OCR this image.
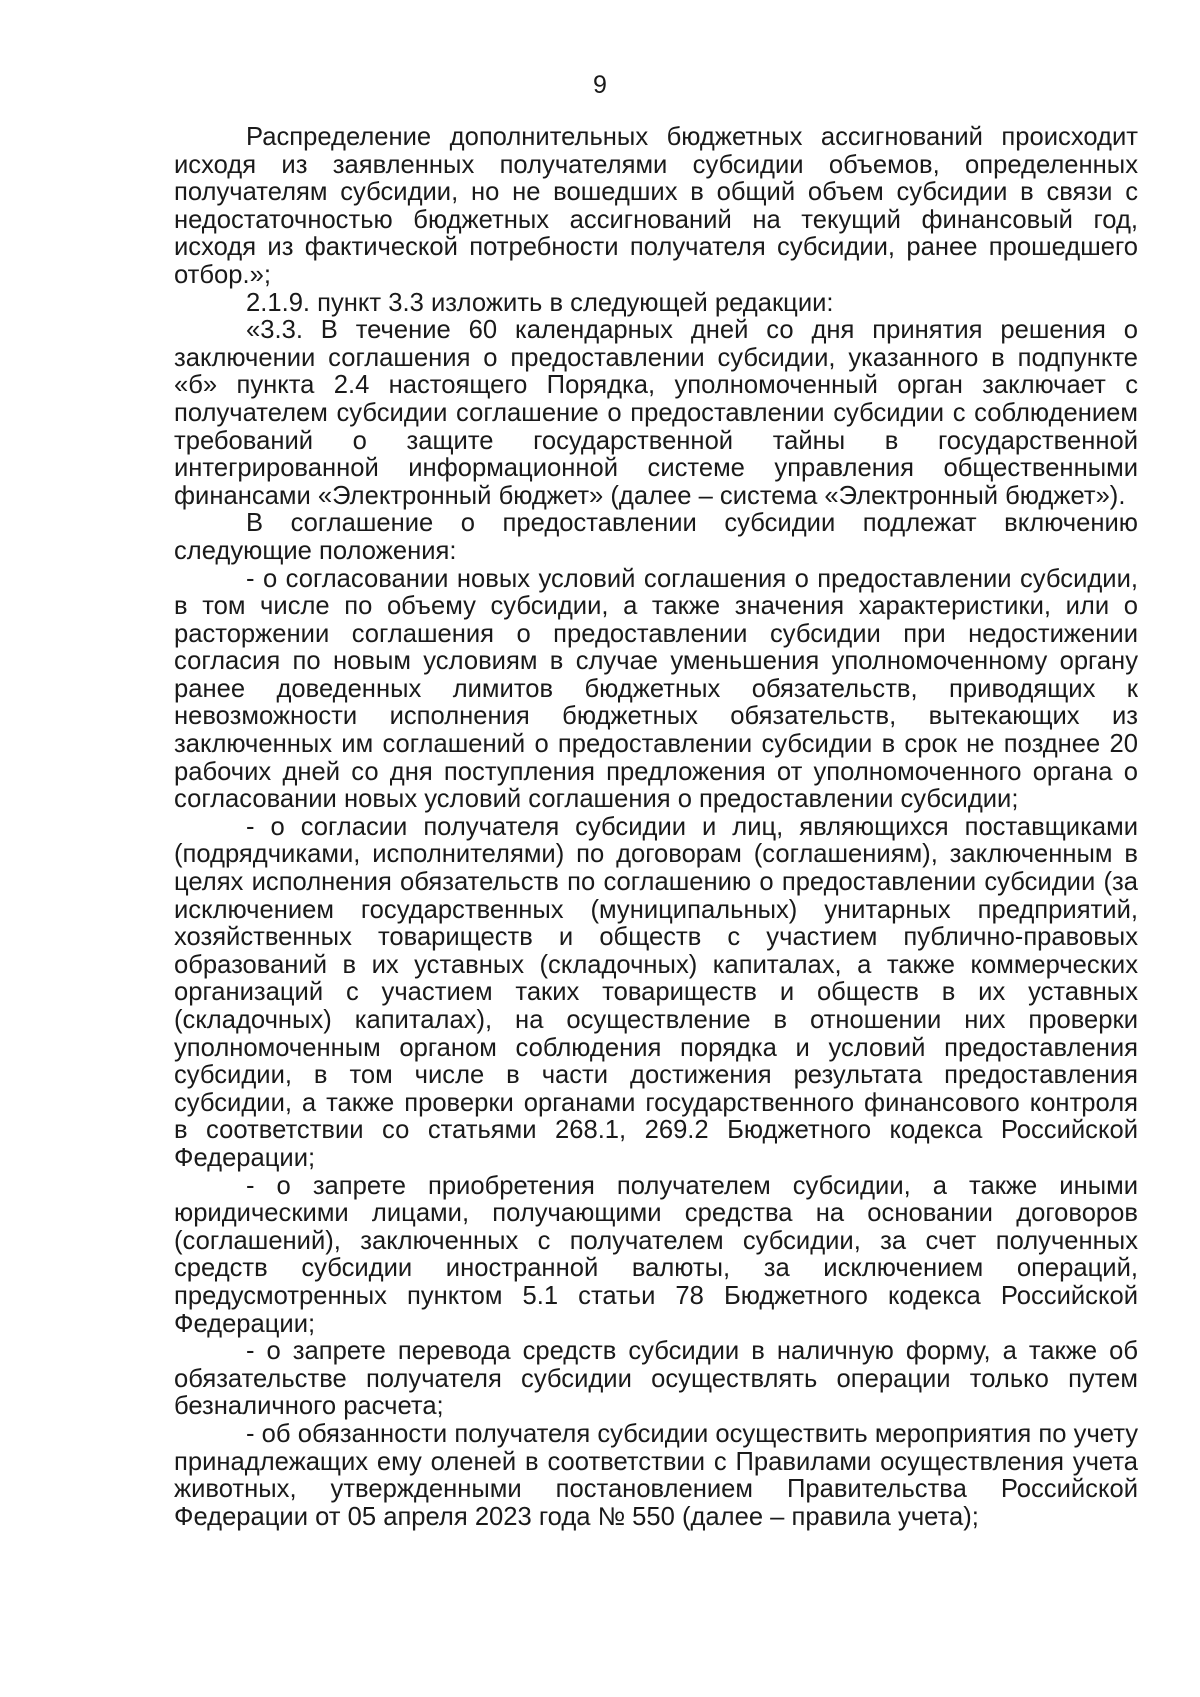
9

Распределение дополнительных бюджетных ассигнований происходит исходя из заявленных получателями субсидии объемов, определенных получателям субсидии, но не вошедших в общий объем субсидии в связи с недостаточностью бюджетных ассигнований на текущий финансовый год, исходя из фактической потребности получателя субсидии, ранее прошедшего отбор.»;

2.1.9. пункт 3.3 изложить в следующей редакции:

«3.3. В течение 60 календарных дней со дня принятия решения о заключении соглашения о предоставлении субсидии, указанного в подпункте «б» пункта 2.4 настоящего Порядка, уполномоченный орган заключает с получателем субсидии соглашение о предоставлении субсидии с соблюдением требований о защите государственной тайны в государственной интегрированной информационной системе управления общественными финансами «Электронный бюджет» (далее – система «Электронный бюджет»).

В соглашение о предоставлении субсидии подлежат включению следующие положения:

- о согласовании новых условий соглашения о предоставлении субсидии, в том числе по объему субсидии, а также значения характеристики, или о расторжении соглашения о предоставлении субсидии при недостижении согласия по новым условиям в случае уменьшения уполномоченному органу ранее доведенных лимитов бюджетных обязательств, приводящих к невозможности исполнения бюджетных обязательств, вытекающих из заключенных им соглашений о предоставлении субсидии в срок не позднее 20 рабочих дней со дня поступления предложения от уполномоченного органа о согласовании новых условий соглашения о предоставлении субсидии;

- о согласии получателя субсидии и лиц, являющихся поставщиками (подрядчиками, исполнителями) по договорам (соглашениям), заключенным в целях исполнения обязательств по соглашению о предоставлении субсидии (за исключением государственных (муниципальных) унитарных предприятий, хозяйственных товариществ и обществ с участием публично-правовых образований в их уставных (складочных) капиталах, а также коммерческих организаций с участием таких товариществ и обществ в их уставных (складочных) капиталах), на осуществление в отношении них проверки уполномоченным органом соблюдения порядка и условий предоставления субсидии, в том числе в части достижения результата предоставления субсидии, а также проверки органами государственного финансового контроля в соответствии со статьями 268.1, 269.2 Бюджетного кодекса Российской Федерации;

- о запрете приобретения получателем субсидии, а также иными юридическими лицами, получающими средства на основании договоров (соглашений), заключенных с получателем субсидии, за счет полученных средств субсидии иностранной валюты, за исключением операций, предусмотренных пунктом 5.1 статьи 78 Бюджетного кодекса Российской Федерации;

- о запрете перевода средств субсидии в наличную форму, а также об обязательстве получателя субсидии осуществлять операции только путем безналичного расчета;

- об обязанности получателя субсидии осуществить мероприятия по учету принадлежащих ему оленей в соответствии с Правилами осуществления учета животных, утвержденными постановлением Правительства Российской Федерации от 05 апреля 2023 года № 550 (далее – правила учета);
